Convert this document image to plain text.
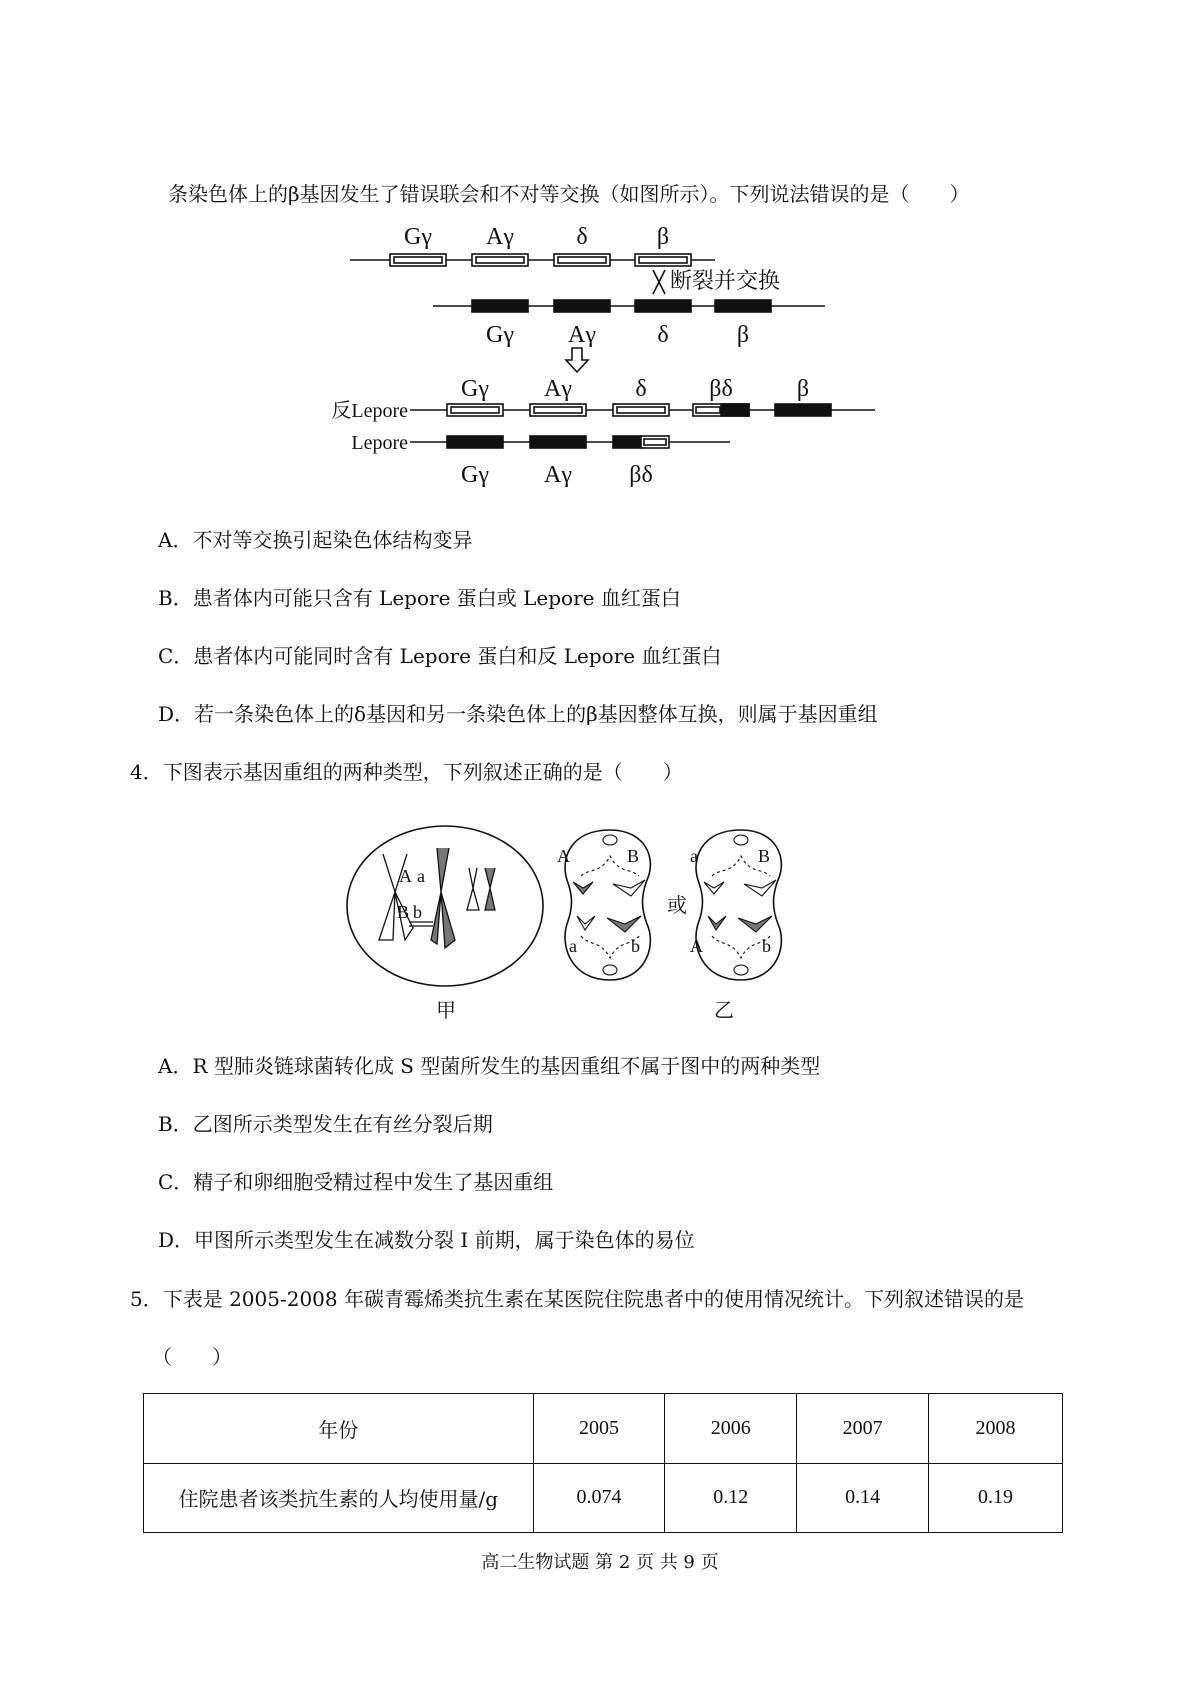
条染色体上的β基因发生了错误联会和不对等交换（如图所示）。下列说法错误的是（　　）
Gγ Aγ	δ	β
断裂并交换
Gγ Aγ	δ	β
Gγ Aγ	δ	βδ	β
反Lepore
Lepore
Gγ Aγ βδ
A．不对等交换引起染色体结构变异
B．患者体内可能只含有 Lepore 蛋白或 Lepore 血红蛋白
C．患者体内可能同时含有 Lepore 蛋白和反 Lepore 血红蛋白
D．若一条染色体上的δ基因和另一条染色体上的β基因整体互换，则属于基因重组
4．下图表示基因重组的两种类型，下列叙述正确的是（　　）
A a
B b
A	B
a	b
或
a	B
A	b
甲	乙
A．R 型肺炎链球菌转化成 S 型菌所发生的基因重组不属于图中的两种类型
B．乙图所示类型发生在有丝分裂后期
C．精子和卵细胞受精过程中发生了基因重组
D．甲图所示类型发生在减数分裂 I 前期，属于染色体的易位
5．下表是 2005-2008 年碳青霉烯类抗生素在某医院住院患者中的使用情况统计。下列叙述错误的是
（　　）
年份	2005	2006	2007	2008
住院患者该类抗生素的人均使用量/g	0.074	0.12	0.14	0.19
高二生物试题 第 2 页 共 9 页
